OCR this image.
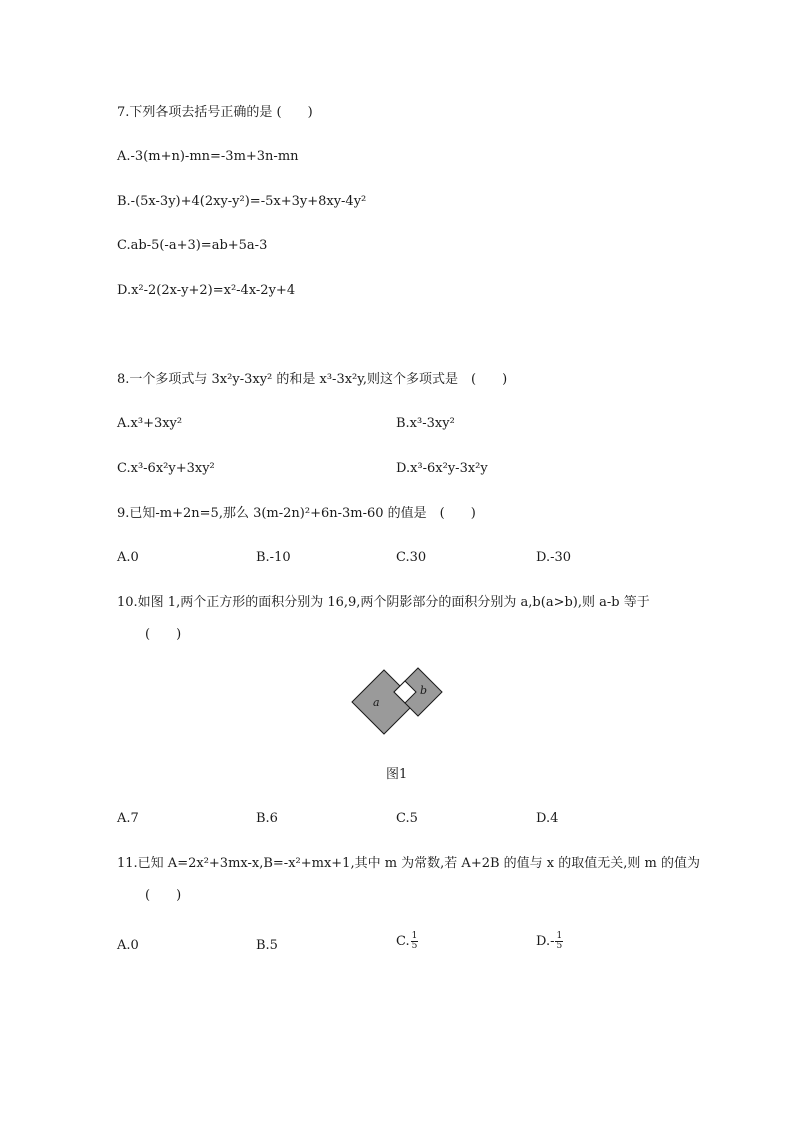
7.下列各项去括号正确的是 (　　)
A.-3(m+n)-mn=-3m+3n-mn
B.-(5x-3y)+4(2xy-y²)=-5x+3y+8xy-4y²
C.ab-5(-a+3)=ab+5a-3
D.x²-2(2x-y+2)=x²-4x-2y+4
8.一个多项式与 3x²y-3xy² 的和是 x³-3x²y,则这个多项式是　(　　)
A.x³+3xy²	B.x³-3xy²
C.x³-6x²y+3xy²	D.x³-6x²y-3x²y
9.已知-m+2n=5,那么 3(m-2n)²+6n-3m-60 的值是　(　　)
A.0	B.-10	C.30	D.-30
10.如图 1,两个正方形的面积分别为 16,9,两个阴影部分的面积分别为 a,b(a>b),则 a-b 等于
(　　)
a
b
图1
A.7	B.6	C.5	D.4
11.已知 A=2x²+3mx-x,B=-x²+mx+1,其中 m 为常数,若 A+2B 的值与 x 的取值无关,则 m 的值为
(　　)
A.0	B.5	C. $\frac{1}{5}$	$D.- \frac{1}{5}$
